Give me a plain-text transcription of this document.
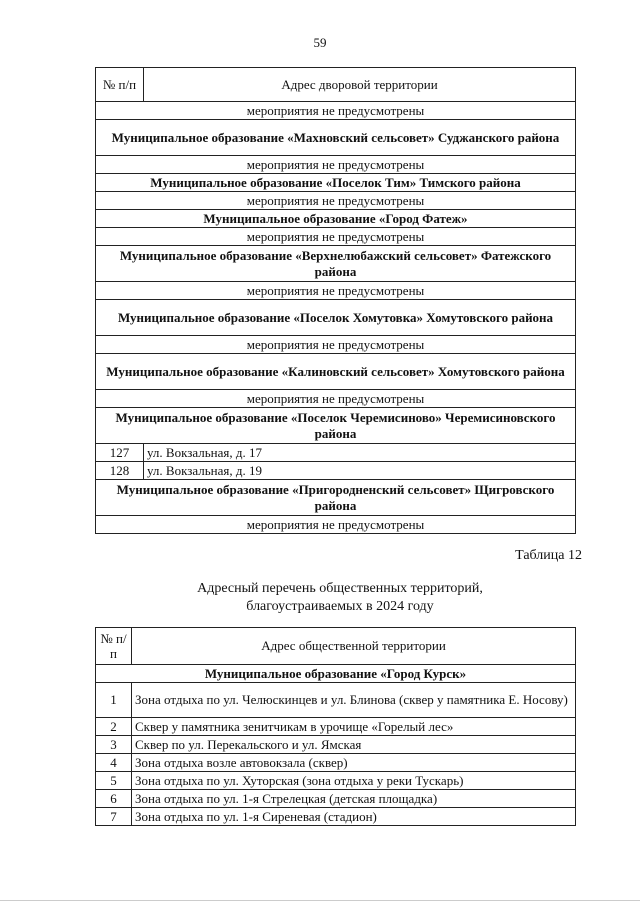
59
№ п/п	Адрес дворовой территории
мероприятия не предусмотрены	
Муниципальное образование «Махновский сельсовет» Суджанского района	
мероприятия не предусмотрены	
Муниципальное образование «Поселок Тим» Тимского района	
мероприятия не предусмотрены	
Муниципальное образование «Город Фатеж»	
мероприятия не предусмотрены	
Муниципальное образование «Верхнелюбажский сельсовет» Фатежского района	
мероприятия не предусмотрены	
Муниципальное образование «Поселок Хомутовка» Хомутовского района	
мероприятия не предусмотрены	
Муниципальное образование «Калиновский сельсовет» Хомутовского района	
мероприятия не предусмотрены	
Муниципальное образование «Поселок Черемисиново» Черемисиновского района	
127	ул. Вокзальная, д. 17
128	ул. Вокзальная, д. 19
Муниципальное образование «Пригородненский сельсовет» Щигровского района	
мероприятия не предусмотрены	
Таблица 12
Адресный перечень общественных территорий, благоустраиваемых в 2024 году
№ п/п	Адрес общественной территории
Муниципальное образование «Город Курск»	
1	Зона отдыха по ул. Челюскинцев и ул. Блинова (сквер у памятника Е. Носову)
2	Сквер у памятника зенитчикам в урочище «Горелый лес»
3	Сквер по ул. Перекальского и ул. Ямская
4	Зона отдыха возле автовокзала (сквер)
5	Зона отдыха по ул. Хуторская (зона отдыха у реки Тускарь)
6	Зона отдыха по ул. 1-я Стрелецкая (детская площадка)
7	Зона отдыха по ул. 1-я Сиреневая (стадион)
